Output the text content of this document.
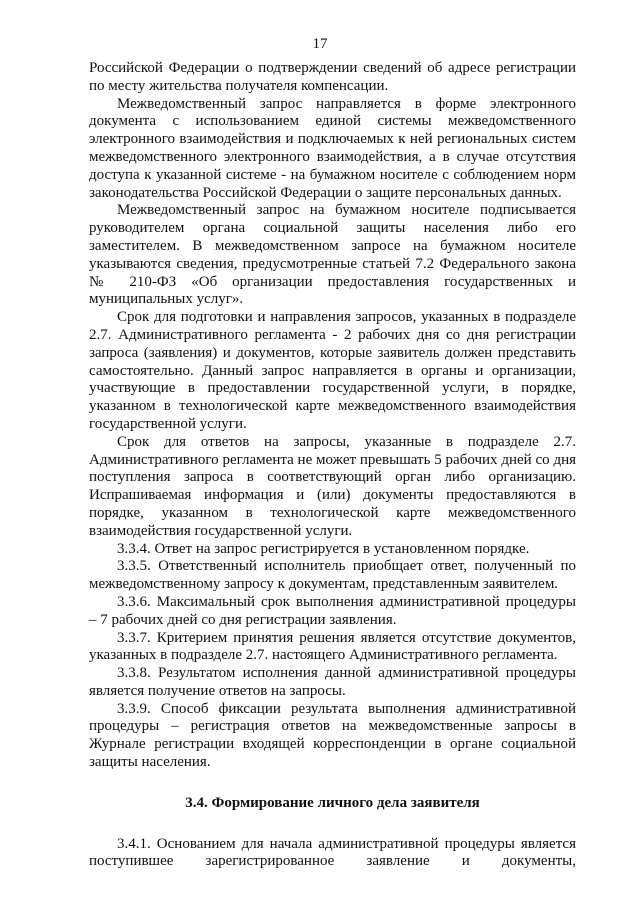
17

Российской Федерации о подтверждении сведений об адресе регистрации по месту жительства получателя компенсации.

Межведомственный запрос направляется в форме электронного документа с использованием единой системы межведомственного электронного взаимодействия и подключаемых к ней региональных систем межведомственного электронного взаимодействия, а в случае отсутствия доступа к указанной системе - на бумажном носителе с соблюдением норм законодательства Российской Федерации о защите персональных данных.

Межведомственный запрос на бумажном носителе подписывается руководителем органа социальной защиты населения либо его заместителем. В межведомственном запросе на бумажном носителе указываются сведения, предусмотренные статьей 7.2 Федерального закона № 210-ФЗ «Об организации предоставления государственных и муниципальных услуг».

Срок для подготовки и направления запросов, указанных в подразделе 2.7. Административного регламента - 2 рабочих дня со дня регистрации запроса (заявления) и документов, которые заявитель должен представить самостоятельно. Данный запрос направляется в органы и организации, участвующие в предоставлении государственной услуги, в порядке, указанном в технологической карте межведомственного взаимодействия государственной услуги.

Срок для ответов на запросы, указанные в подразделе 2.7. Административного регламента не может превышать 5 рабочих дней со дня поступления запроса в соответствующий орган либо организацию. Испрашиваемая информация и (или) документы предоставляются в порядке, указанном в технологической карте межведомственного взаимодействия государственной услуги.

3.3.4. Ответ на запрос регистрируется в установленном порядке.

3.3.5. Ответственный исполнитель приобщает ответ, полученный по межведомственному запросу к документам, представленным заявителем.

3.3.6. Максимальный срок выполнения административной процедуры – 7 рабочих дней со дня регистрации заявления.

3.3.7. Критерием принятия решения является отсутствие документов, указанных в подразделе 2.7. настоящего Административного регламента.

3.3.8. Результатом исполнения данной административной процедуры является получение ответов на запросы.

3.3.9. Способ фиксации результата выполнения административной процедуры – регистрация ответов на межведомственные запросы в Журнале регистрации входящей корреспонденции в органе социальной защиты населения.

3.4. Формирование личного дела заявителя

3.4.1. Основанием для начала административной процедуры является поступившее зарегистрированное заявление и документы,
